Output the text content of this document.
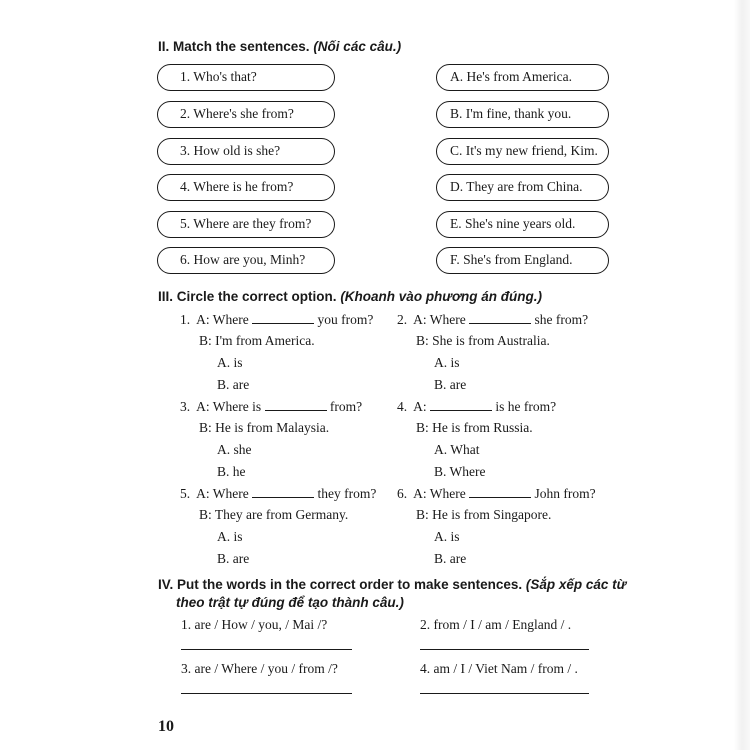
II. Match the sentences. (Nối các câu.)
1. Who's that?
2. Where's she from?
3. How old is she?
4. Where is he from?
5. Where are they from?
6. How are you, Minh?
A. He's from America.
B. I'm fine, thank you.
C. It's my new friend, Kim.
D. They are from China.
E. She's nine years old.
F. She's from England.
III. Circle the correct option. (Khoanh vào phương án đúng.)
1. A: Where	you from?
B: I'm from America.
A. is
B. are
2. A: Where	she from?
B: She is from Australia.
A. is
B. are
3. A: Where is	from?
B: He is from Malaysia.
A. she
B. he
4. A:	is he from?
B: He is from Russia.
A. What
B. Where
5. A: Where	they from?
B: They are from Germany.
A. is
B. are
6. A: Where	John from?
B: He is from Singapore.
A. is
B. are
IV. Put the words in the correct order to make sentences. (Sắp xếp các từ
theo trật tự đúng để tạo thành câu.)
1. are / How / you, / Mai /?	2. from / I / am / England / .
3. are / Where / you / from /?	4. am / I / Viet Nam / from / .
10
